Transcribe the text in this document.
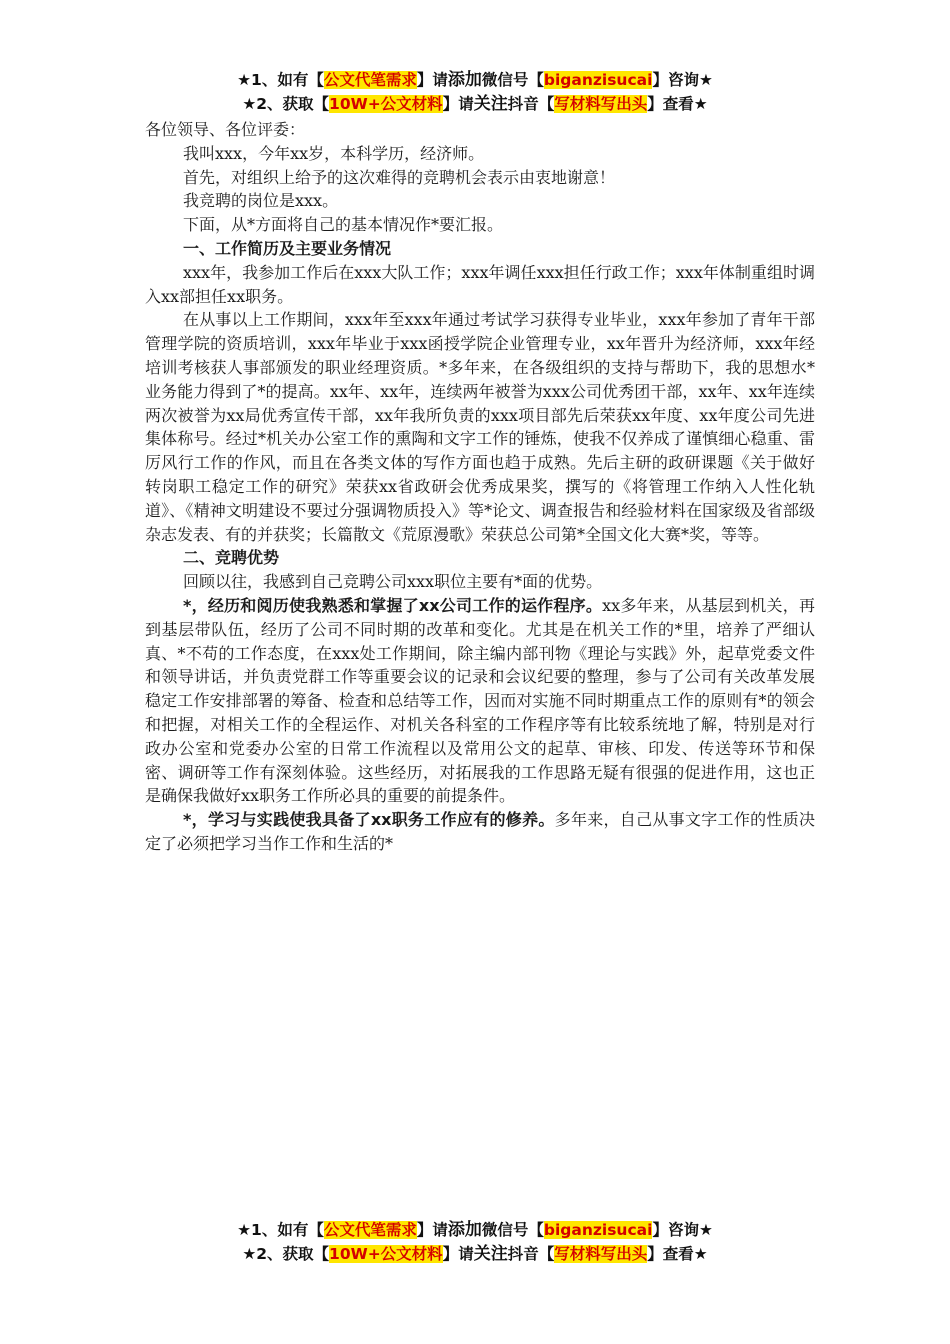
★1、如有【公文代笔需求】请添加微信号【biganzisucai】咨询★
★2、获取【10W+公文材料】请关注抖音【写材料写出头】查看★

各位领导、各位评委：

我叫xxx，今年xx岁，本科学历，经济师。

首先，对组织上给予的这次难得的竞聘机会表示由衷地谢意！

我竞聘的岗位是xxx。

下面，从*方面将自己的基本情况作*要汇报。

一、工作简历及主要业务情况

xxx年，我参加工作后在xxx大队工作；xxx年调任xxx担任行政工作；xxx年体制重组时调入xx部担任xx职务。

在从事以上工作期间，xxx年至xxx年通过考试学习获得专业毕业，xxx年参加了青年干部管理学院的资质培训，xxx年毕业于xxx函授学院企业管理专业，xx年晋升为经济师，xxx年经培训考核获人事部颁发的职业经理资质。*多年来，在各级组织的支持与帮助下，我的思想水*业务能力得到了*的提高。xx年、xx年，连续两年被誉为xxx公司优秀团干部，xx年、xx年连续两次被誉为xx局优秀宣传干部，xx年我所负责的xxx项目部先后荣获xx年度、xx年度公司先进集体称号。经过*机关办公室工作的熏陶和文字工作的锤炼，使我不仅养成了谨慎细心稳重、雷厉风行工作的作风，而且在各类文体的写作方面也趋于成熟。先后主研的政研课题《关于做好转岗职工稳定工作的研究》荣获xx省政研会优秀成果奖，撰写的《将管理工作纳入人性化轨道》、《精神文明建设不要过分强调物质投入》等*论文、调查报告和经验材料在国家级及省部级杂志发表、有的并获奖；长篇散文《荒原漫歌》荣获总公司第*全国文化大赛*奖，等等。

二、竞聘优势

回顾以往，我感到自己竞聘公司xxx职位主要有*面的优势。

*，经历和阅历使我熟悉和掌握了xx公司工作的运作程序。xx多年来，从基层到机关，再到基层带队伍，经历了公司不同时期的改革和变化。尤其是在机关工作的*里，培养了严细认真、*不苟的工作态度，在xxx处工作期间，除主编内部刊物《理论与实践》外，起草党委文件和领导讲话，并负责党群工作等重要会议的记录和会议纪要的整理，参与了公司有关改革发展稳定工作安排部署的筹备、检查和总结等工作，因而对实施不同时期重点工作的原则有*的领会和把握，对相关工作的全程运作、对机关各科室的工作程序等有比较系统地了解，特别是对行政办公室和党委办公室的日常工作流程以及常用公文的起草、审核、印发、传送等环节和保密、调研等工作有深刻体验。这些经历，对拓展我的工作思路无疑有很强的促进作用，这也正是确保我做好xx职务工作所必具的重要的前提条件。

*，学习与实践使我具备了xx职务工作应有的修养。多年来，自己从事文字工作的性质决定了必须把学习当作工作和生活的*

★1、如有【公文代笔需求】请添加微信号【biganzisucai】咨询★
★2、获取【10W+公文材料】请关注抖音【写材料写出头】查看★
